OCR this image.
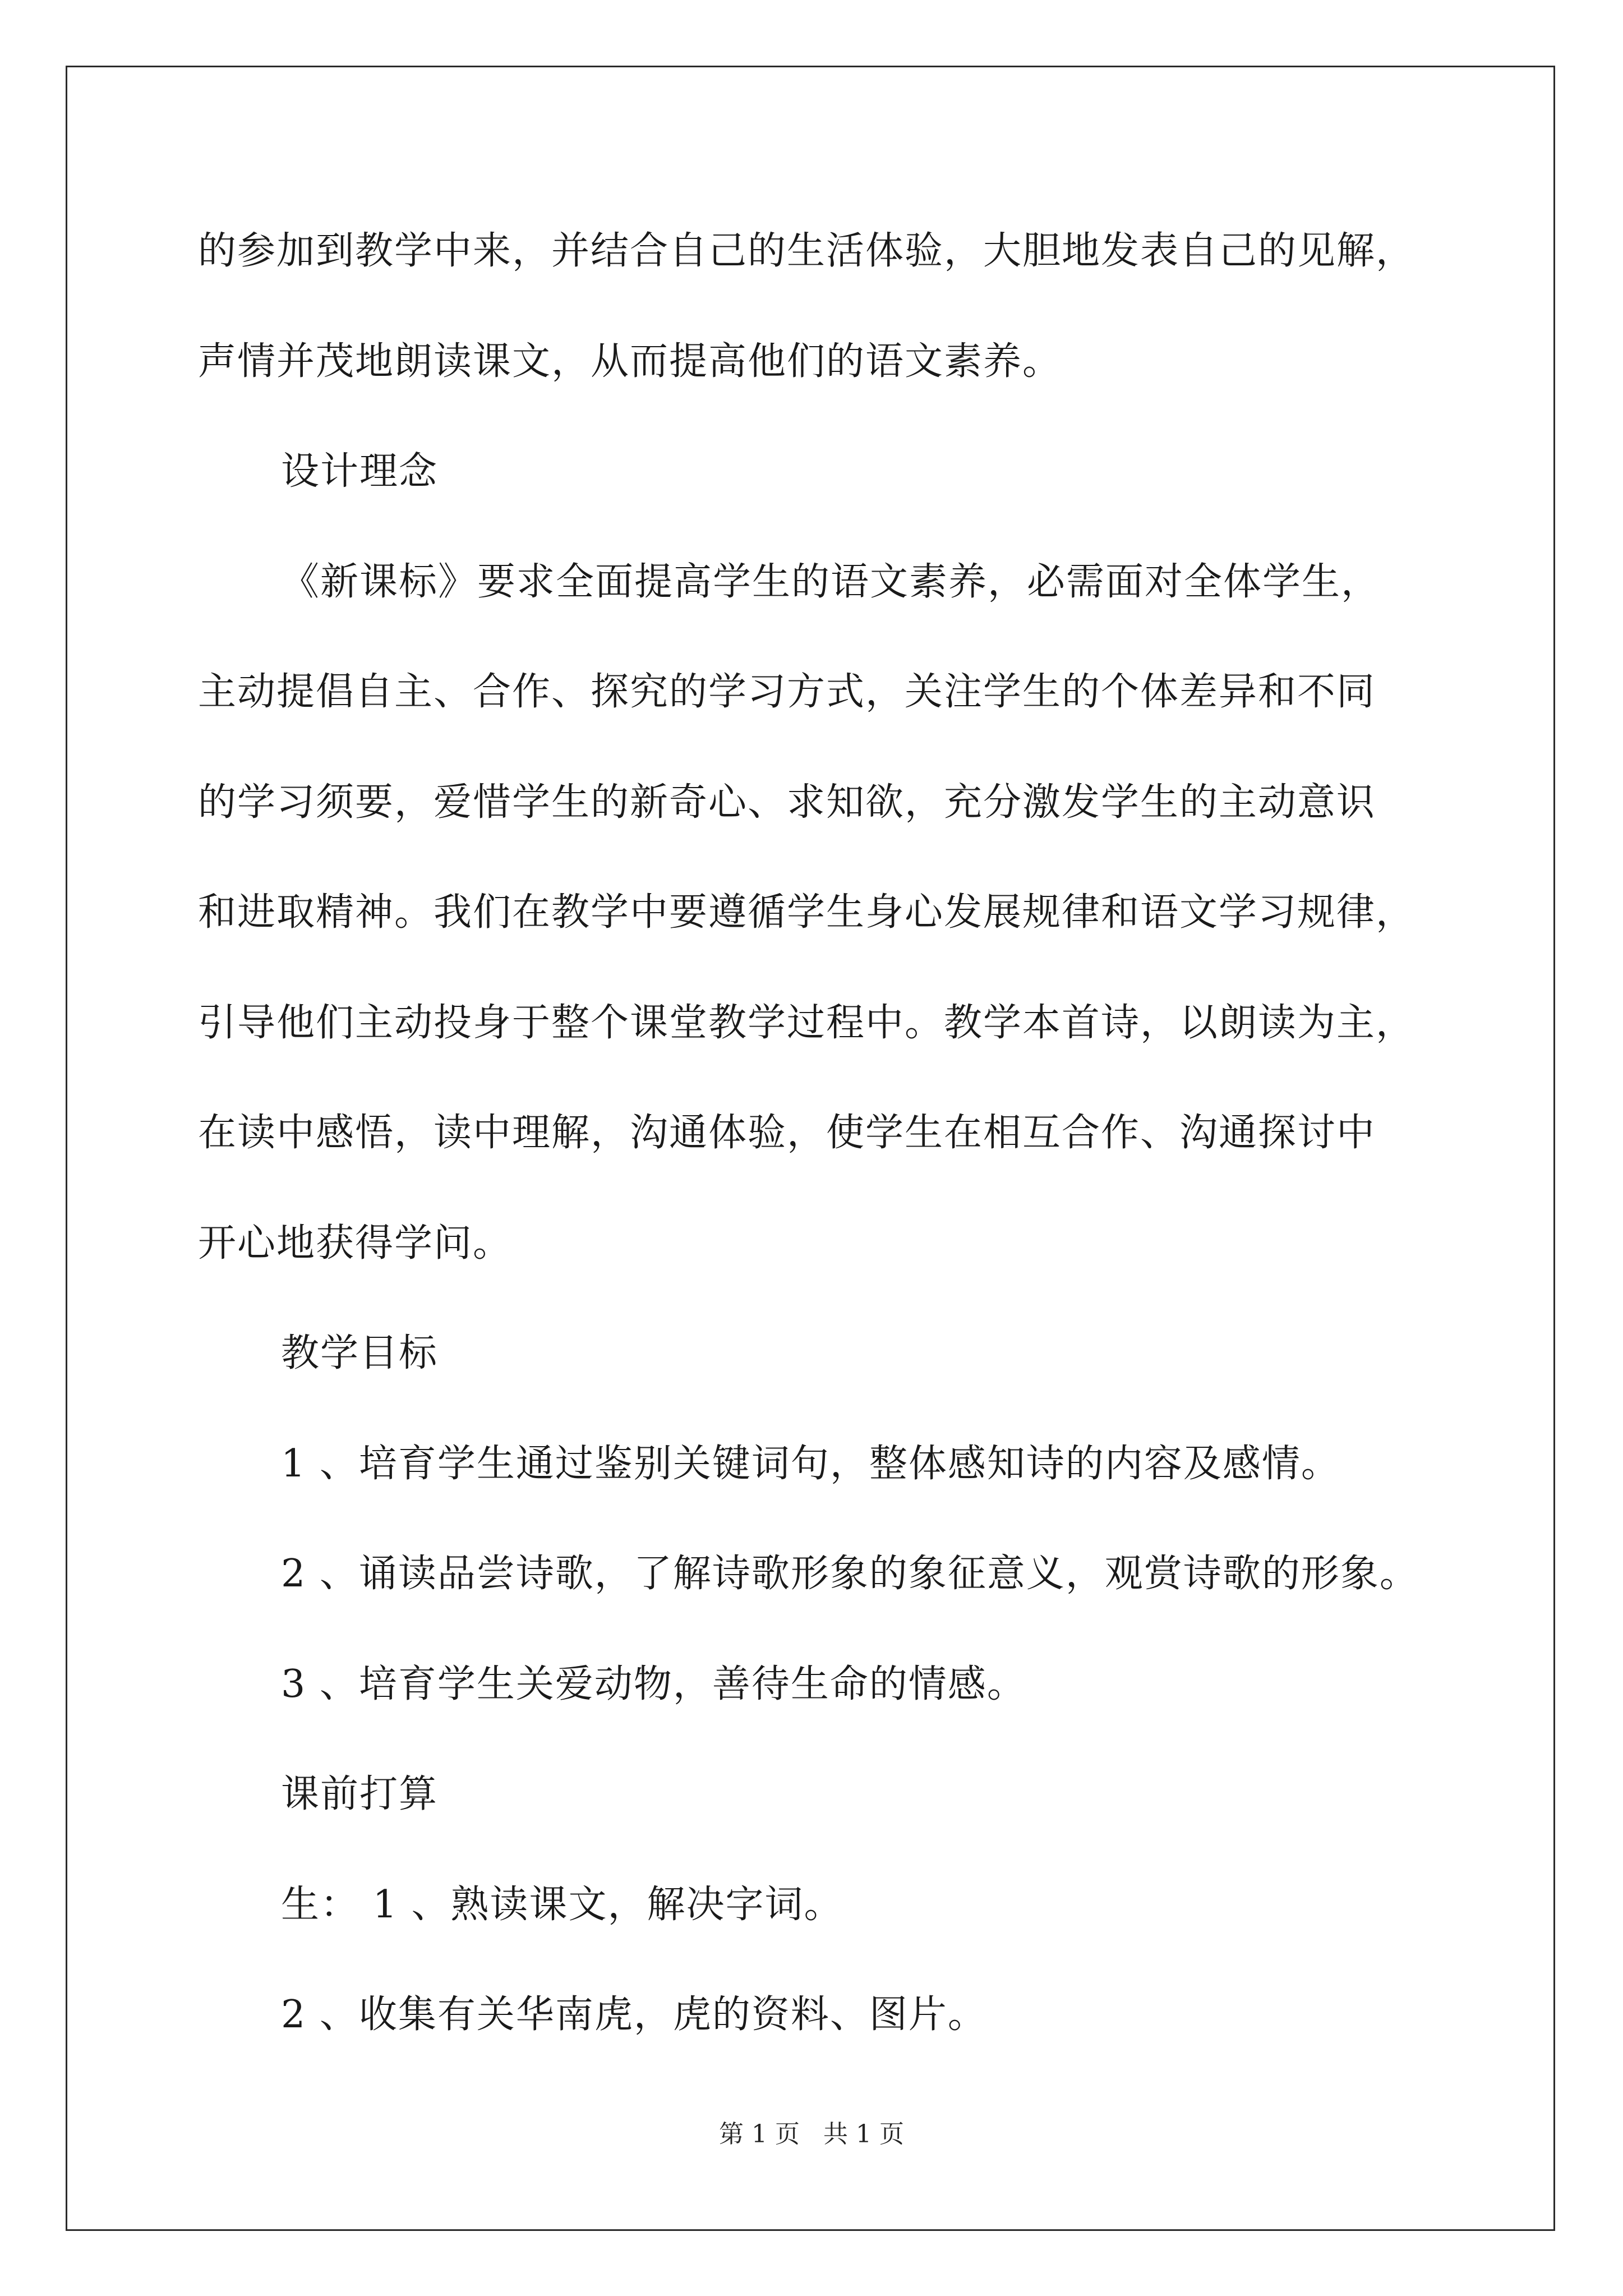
的参加到教学中来，并结合自己的生活体验，大胆地发表自己的见解，
声情并茂地朗读课文，从而提高他们的语文素养。
设计理念
《新课标》要求全面提高学生的语文素养，必需面对全体学生，
主动提倡自主、合作、探究的学习方式，关注学生的个体差异和不同
的学习须要，爱惜学生的新奇心、求知欲，充分激发学生的主动意识
和进取精神。我们在教学中要遵循学生身心发展规律和语文学习规律，
引导他们主动投身于整个课堂教学过程中。教学本首诗，以朗读为主，
在读中感悟，读中理解，沟通体验，使学生在相互合作、沟通探讨中
开心地获得学问。
教学目标
1 、培育学生通过鉴别关键词句，整体感知诗的内容及感情。
2 、诵读品尝诗歌，了解诗歌形象的象征意义，观赏诗歌的形象。
3 、培育学生关爱动物，善待生命的情感。
课前打算
生： 1 、熟读课文，解决字词。
2 、收集有关华南虎，虎的资料、图片。
第 1 页   共 1 页
